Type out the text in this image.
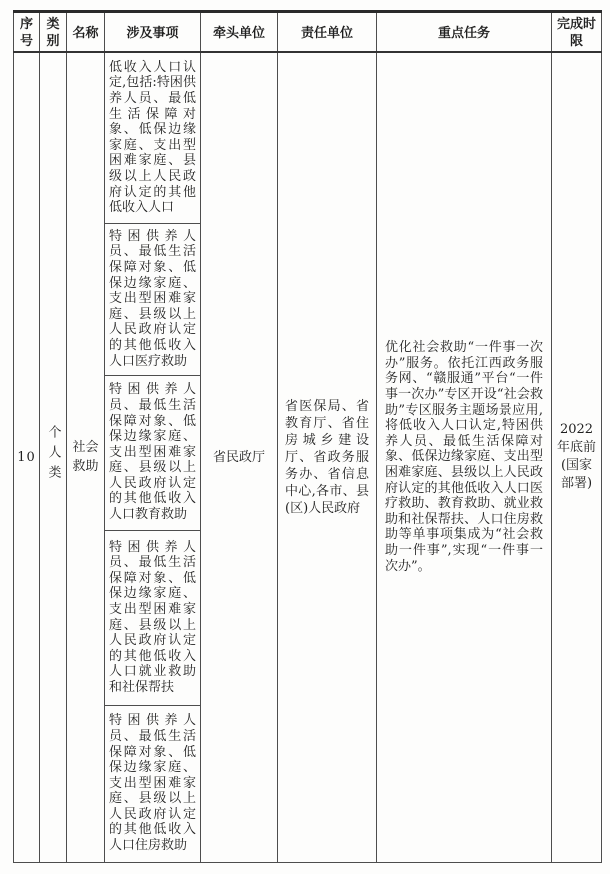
序号	类别	名称	涉及事项	牵头单位	责任单位	重点任务	完成时限
10	个人类	社会救助	低收入人口认定,包括:特困供养人员、最低生活保障对象、低保边缘家庭、支出型困难家庭、县级以上人民政府认定的其他低收入人口	省民政厅	省医保局、省教育厅、省住房城乡建设厅、省政务服务办、省信息中心,各市、县(区)人民政府	优化社会救助“一件事一次办”服务。依托江西政务服务网、“赣服通”平台“一件事一次办”专区开设“社会救助”专区服务主题场景应用,将低收入人口认定,特困供养人员、最低生活保障对象、低保边缘家庭、支出型困难家庭、县级以上人民政府认定的其他低收入人口医疗救助、教育救助、就业救助和社保帮扶、人口住房救助等单事项集成为“社会救助一件事”,实现“一件事一次办”。	2022 年底前(国家部署)
			特困供养人员、最低生活保障对象、低保边缘家庭、支出型困难家庭、县级以上人民政府认定的其他低收入人口医疗救助				
			特困供养人员、最低生活保障对象、低保边缘家庭、支出型困难家庭、县级以上人民政府认定的其他低收入人口教育救助				
			特困供养人员、最低生活保障对象、低保边缘家庭、支出型困难家庭、县级以上人民政府认定的其他低收入人口就业救助和社保帮扶				
			特困供养人员、最低生活保障对象、低保边缘家庭、支出型困难家庭、县级以上人民政府认定的其他低收入人口住房救助				
